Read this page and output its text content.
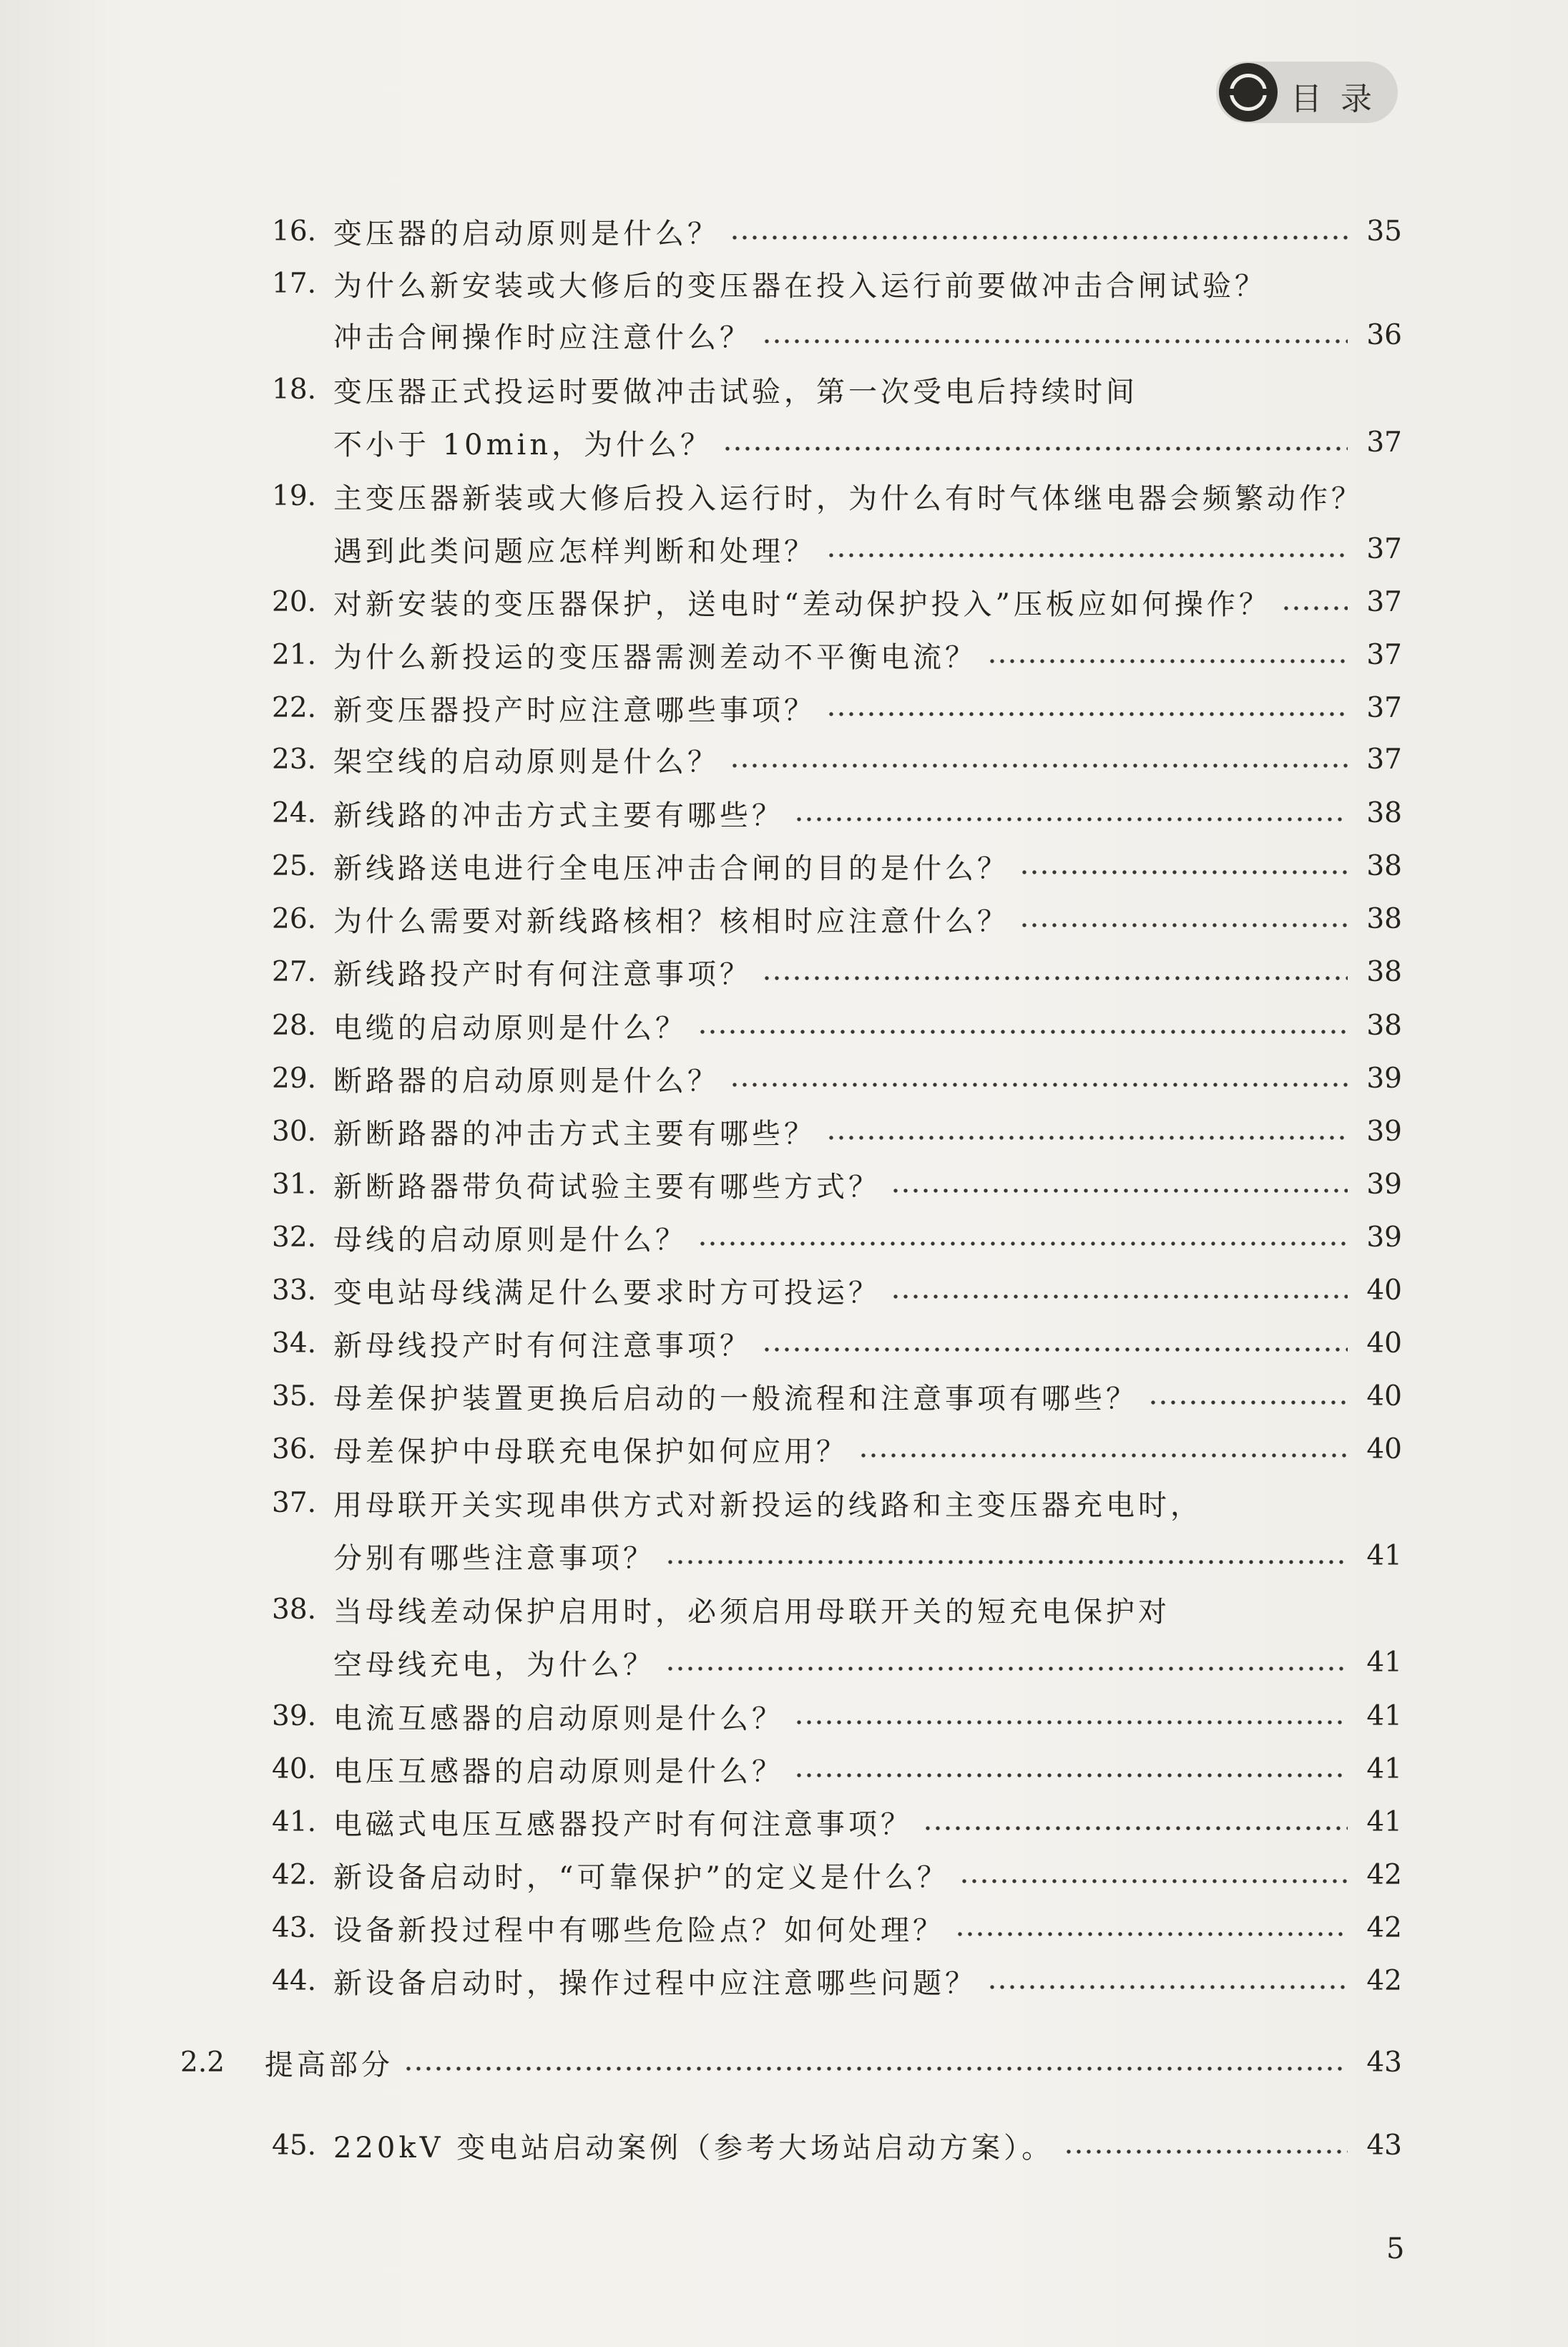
目录
16. 变压器的启动原则是什么？	35
17. 为什么新安装或大修后的变压器在投入运行前要做冲击合闸试验？
冲击合闸操作时应注意什么？	36
18. 变压器正式投运时要做冲击试验，第一次受电后持续时间
不小于 10min，为什么？	37
19. 主变压器新装或大修后投入运行时，为什么有时气体继电器会频繁动作？
遇到此类问题应怎样判断和处理？	37
20. 对新安装的变压器保护，送电时“差动保护投入”压板应如何操作？	37
21. 为什么新投运的变压器需测差动不平衡电流？	37
22. 新变压器投产时应注意哪些事项？	37
23. 架空线的启动原则是什么？	37
24. 新线路的冲击方式主要有哪些？	38
25. 新线路送电进行全电压冲击合闸的目的是什么？	38
26. 为什么需要对新线路核相？核相时应注意什么？	38
27. 新线路投产时有何注意事项？	38
28. 电缆的启动原则是什么？	38
29. 断路器的启动原则是什么？	39
30. 新断路器的冲击方式主要有哪些？	39
31. 新断路器带负荷试验主要有哪些方式？	39
32. 母线的启动原则是什么？	39
33. 变电站母线满足什么要求时方可投运？	40
34. 新母线投产时有何注意事项？	40
35. 母差保护装置更换后启动的一般流程和注意事项有哪些？	40
36. 母差保护中母联充电保护如何应用？	40
37. 用母联开关实现串供方式对新投运的线路和主变压器充电时，
分别有哪些注意事项？	41
38. 当母线差动保护启用时，必须启用母联开关的短充电保护对
空母线充电，为什么？	41
39. 电流互感器的启动原则是什么？	41
40. 电压互感器的启动原则是什么？	41
41. 电磁式电压互感器投产时有何注意事项？	41
42. 新设备启动时，“可靠保护”的定义是什么？	42
43. 设备新投过程中有哪些危险点？如何处理？	42
44. 新设备启动时，操作过程中应注意哪些问题？	42
2.2	提高部分	43
45. 220kV 变电站启动案例（参考大场站启动方案）。	43
5
